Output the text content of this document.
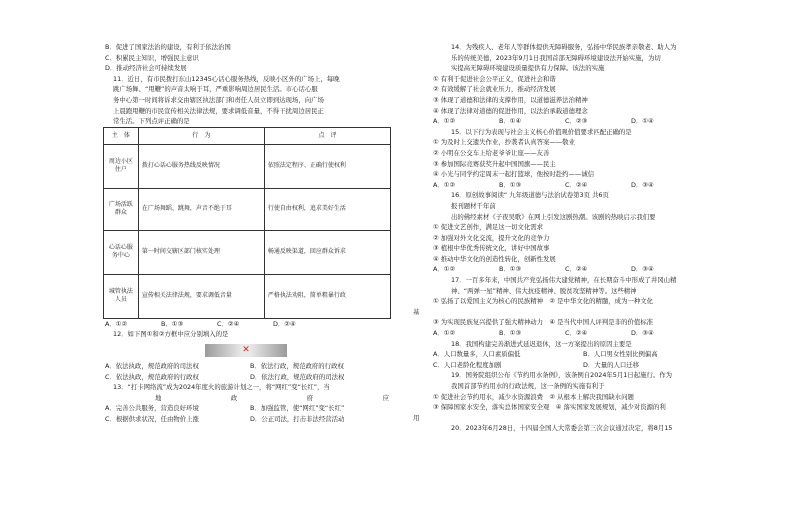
B．促进了国家法治的建设，有利于依法治国
C．积累民主知识，增强民主意识
D．推动经济社会可持续发展
11．近日，有市民拨打东山12345心话心服务热线，反映小区外的广场上，每晚
跳广场舞、“甩鞭”的声音太响于耳，严重影响周边居民生活。市心话心服
务中心第一时间将诉求交由辖区执法部门和责任人员立即到达现场，向广场
上晨跑甩鞭的市民宣传相关法律法规，要求调低音量，不得干扰周边居民正
常生活。下列点评正确的是
主　体	行　为	点　评
周边小区住户	拨打心话心服务热线反映情况	依照法定程序、正确行使权利
广场活跃群众	在广场舞蹈、跳舞，声音不绝于耳	行使自由权利，追求美好生活
心话心服务中心	第一时间交辖区部门核实处理	畅通反映渠道，回应群众诉求
城管执法人员	宣传相关法律法规，要求调低音量	严格执法劝阻，简单粗暴行政
A．①②	B．①③	C．②④	D．②④
12．如下图①和②方框中应分别填入的是
✕
A．依法执政，规范政府的司法权	B．依法行政，规范政府的行政权
C．依法执政，规范政府的行政权	D．依法行政，规范政府的司法权
13．“打卡网络流”成为2024年度火的旅游计划之一，将“网红”变“长红”，当
地	政	府	应
A．完善公共服务，营造良好环境	B．加强监管，使“网红”变“长红”
C．根据供求状况，任由物价上涨	D．公正司法，打击非法经营活动
14．为残疾人、老年人等群体提供无障碍服务，弘扬中华民族孝亲敬老、助人为
乐的传统美德，2023年9月1日我国首部无障碍环境建设法开始实施，为切
实提高无障碍环境建设质量提供有力保障。该法的实施
① 有利于促进社会公平正义，促进社会和谐
② 有效缓解了社会就业压力，推动经济发展
③ 体现了道德和法律的支撑作用，以道德滋养法治精神
④ 体现了法律对道德的促进作用，以法治承载道德理念
A．①②	B．①④	C．②③	D．①④
15．以下行为表现与社会主义核心价值观价值要求匹配正确的是
① 为及时上交遗失作业，抄袭者认真答案——敬业
② 小明在公交车上给老爷爷让座——友善
③ 参加国际竞赛获奖升起中国国旗——民主
④ 小光与同学约定周末一起打篮球，他按时赴约——诚信
A．①②	B．①③	C．②④	D．③④
16．原创故事阅读“ 九年级道德与法治试卷第3页 共6页
报刊题材千年前
出的佛经素材《子夜吴歌》在网上引发这剧热潮。该剧的热映启示我们要
① 促进文艺创作，满足这一切文化需求
② 加强对外文化交流，提升文化的竞争力
③ 植根中华优秀传统文化，讲好中国故事
④ 推动中华文化的创造性转化，创新性发展
A．①②	B．①③	C．②④	D．③④
17．一百多年来，中国共产党弘扬伟大建党精神，在长期奋斗中形成了井冈山精
神、“两弹一星”精神、伟大抗疫精神、脱贫攻坚精神等。这些精神
① 弘扬了以爱国主义为核心的民族精神　② 是中华文化的精髓，成为一种文化
基
③ 为实现民族复兴提供了强大精神动力　④ 是当代中国人评判是非的价值标准
A．①②	B．①③	C．②④	D．③④
18．我国构建完善渐进式延迟退休，这一方案提出的原因主要是
A．人口数量多，人口素质偏低	B．人口男女性别比例偏高
C．人口老龄化程度加剧	D．大量的人口迁移
19．国务院组织公布《节约用水条例》，该条例自2024年5月1日起施行。作为
我国首部节约用水的行政法规，这一条例的实施有利于
① 促进社会节约用水，减少水资源浪费　② 从根本上解决我国缺水问题
③ 保障国家水安全，落实总体国家安全观　④ 落实国家发展规划，减少对资源的利
用
20．2023年6月28日，十四届全国人大常委会第三次会议通过决定，将8月15
